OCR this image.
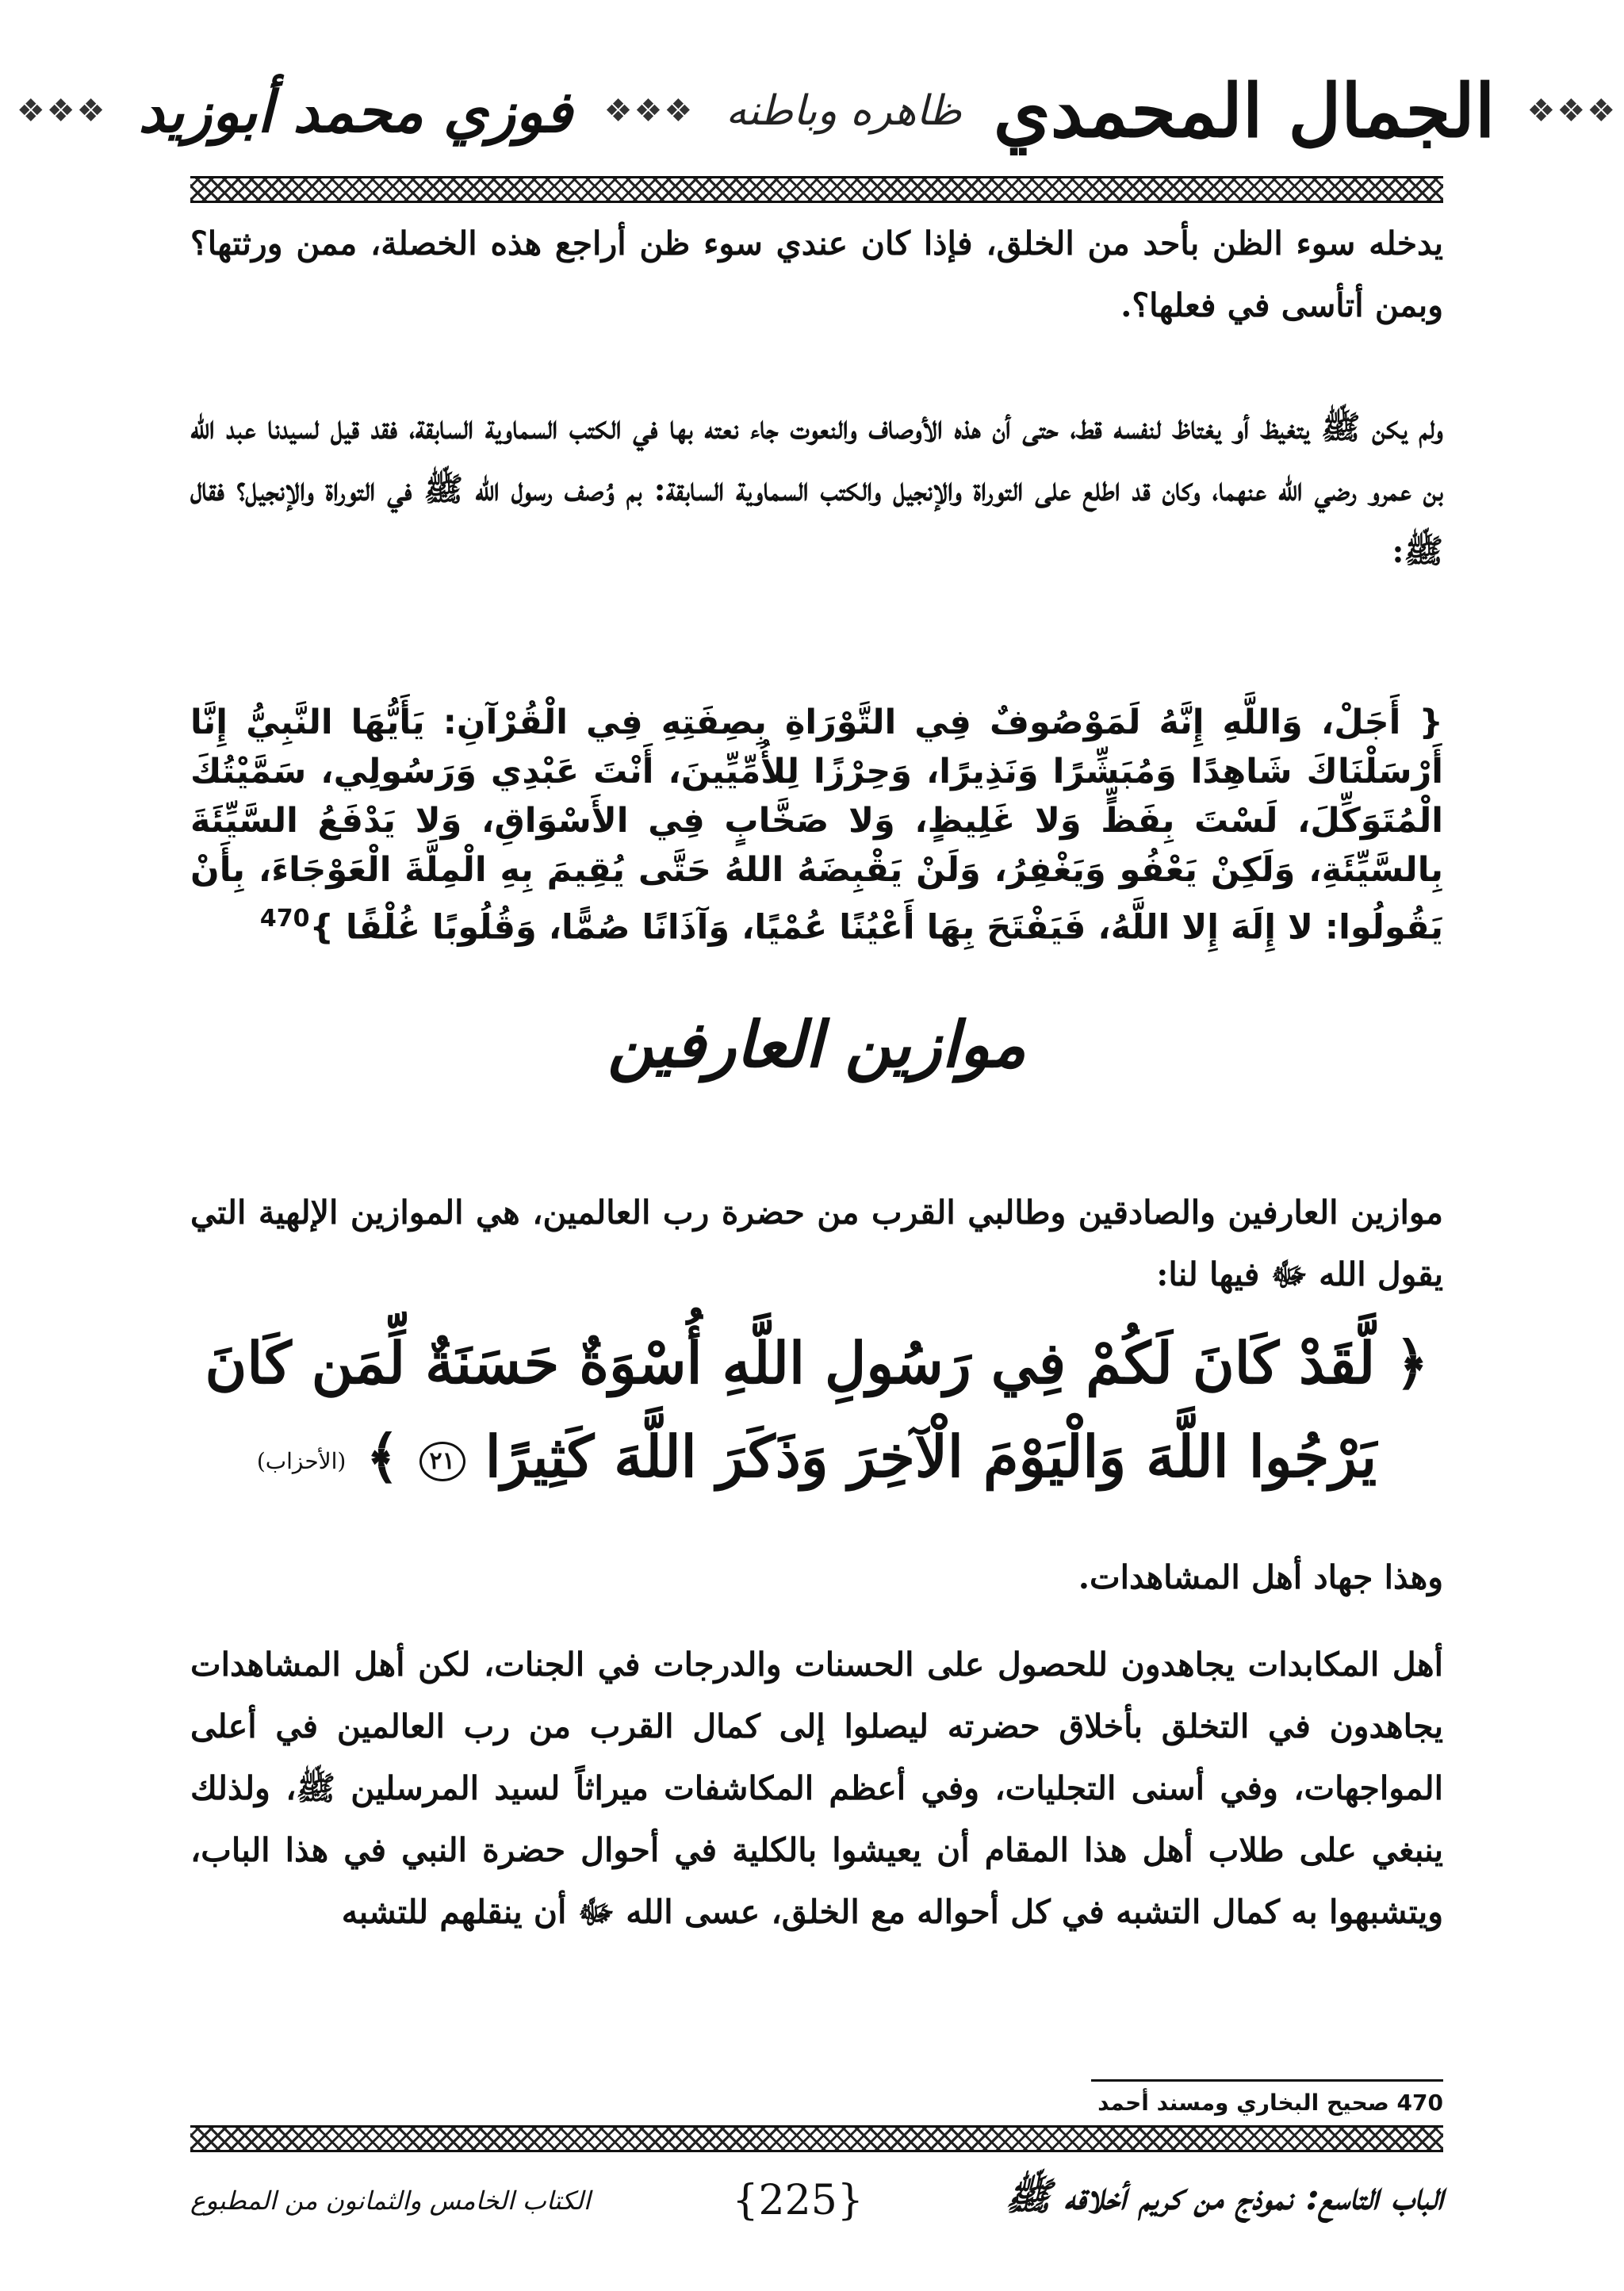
❖❖❖
الجمال المحمدي
ظاهره وباطنه
❖❖❖
فوزي محمد أبوزيد
❖❖❖
يدخله سوء الظن بأحد من الخلق، فإذا كان عندي سوء ظن أراجع هذه الخصلة، ممن ورثتها؟ وبمن أتأسى في فعلها؟.
ولم يكن ﷺ يتغيظ أو يغتاظ لنفسه قط، حتى أن هذه الأوصاف والنعوت جاء نعته بها في الكتب السماوية السابقة، فقد قيل لسيدنا عبد الله بن عمرو رضي الله عنهما، وكان قد اطلع على التوراة والإنجيل والكتب السماوية السابقة: بم وُصف رسول الله ﷺ في التوراة والإنجيل؟ فقال ﷺ:
{ أَجَلْ، وَاللَّهِ إِنَّهُ لَمَوْصُوفٌ فِي التَّوْرَاةِ بِصِفَتِهِ فِي الْقُرْآنِ: يَأَيُّهَا النَّبِيُّ إِنَّا أَرْسَلْنَاكَ شَاهِدًا وَمُبَشِّرًا وَنَذِيرًا، وَحِرْزًا لِلأُمِّيِّينَ، أَنْتَ عَبْدِي وَرَسُولِي، سَمَّيْتُكَ الْمُتَوَكِّلَ، لَسْتَ بِفَظٍّ وَلا غَلِيظٍ، وَلا صَخَّابٍ فِي الأَسْوَاقِ، وَلا يَدْفَعُ السَّيِّئَةَ بِالسَّيِّئَةِ، وَلَكِنْ يَعْفُو وَيَغْفِرُ، وَلَنْ يَقْبِضَهُ اللهُ حَتَّى يُقِيمَ بِهِ الْمِلَّةَ الْعَوْجَاءَ، بِأَنْ يَقُولُوا: لا إِلَهَ إِلا اللَّهُ، فَيَفْتَحَ بِهَا أَعْيُنًا عُمْيًا، وَآذَانًا صُمًّا، وَقُلُوبًا غُلْفًا }$^{470}$
موازين العارفين
موازين العارفين والصادقين وطالبي القرب من حضرة رب العالمين، هي الموازين الإلهية التي يقول الله ﷻ فيها لنا:
﴿ لَّقَدْ كَانَ لَكُمْ فِي رَسُولِ اللَّهِ أُسْوَةٌ حَسَنَةٌ لِّمَن كَانَ يَرْجُوا اللَّهَ وَالْيَوْمَ الْآخِرَ وَذَكَرَ اللَّهَ كَثِيرًا ٢١ ﴾ (الأحزاب)
وهذا جهاد أهل المشاهدات.
أهل المكابدات يجاهدون للحصول على الحسنات والدرجات في الجنات، لكن أهل المشاهدات يجاهدون في التخلق بأخلاق حضرته ليصلوا إلى كمال القرب من رب العالمين في أعلى المواجهات، وفي أسنى التجليات، وفي أعظم المكاشفات ميراثاً لسيد المرسلين ﷺ، ولذلك ينبغي على طلاب أهل هذا المقام أن يعيشوا بالكلية في أحوال حضرة النبي في هذا الباب، ويتشبهوا به كمال التشبه في كل أحواله مع الخلق، عسى الله ﷻ أن ينقلهم للتشبه
470 صحيح البخاري ومسند أحمد
الباب التاسع: نموذج من كريم أخلاقه ﷺ
{225}
الكتاب الخامس والثمانون من المطبوع
